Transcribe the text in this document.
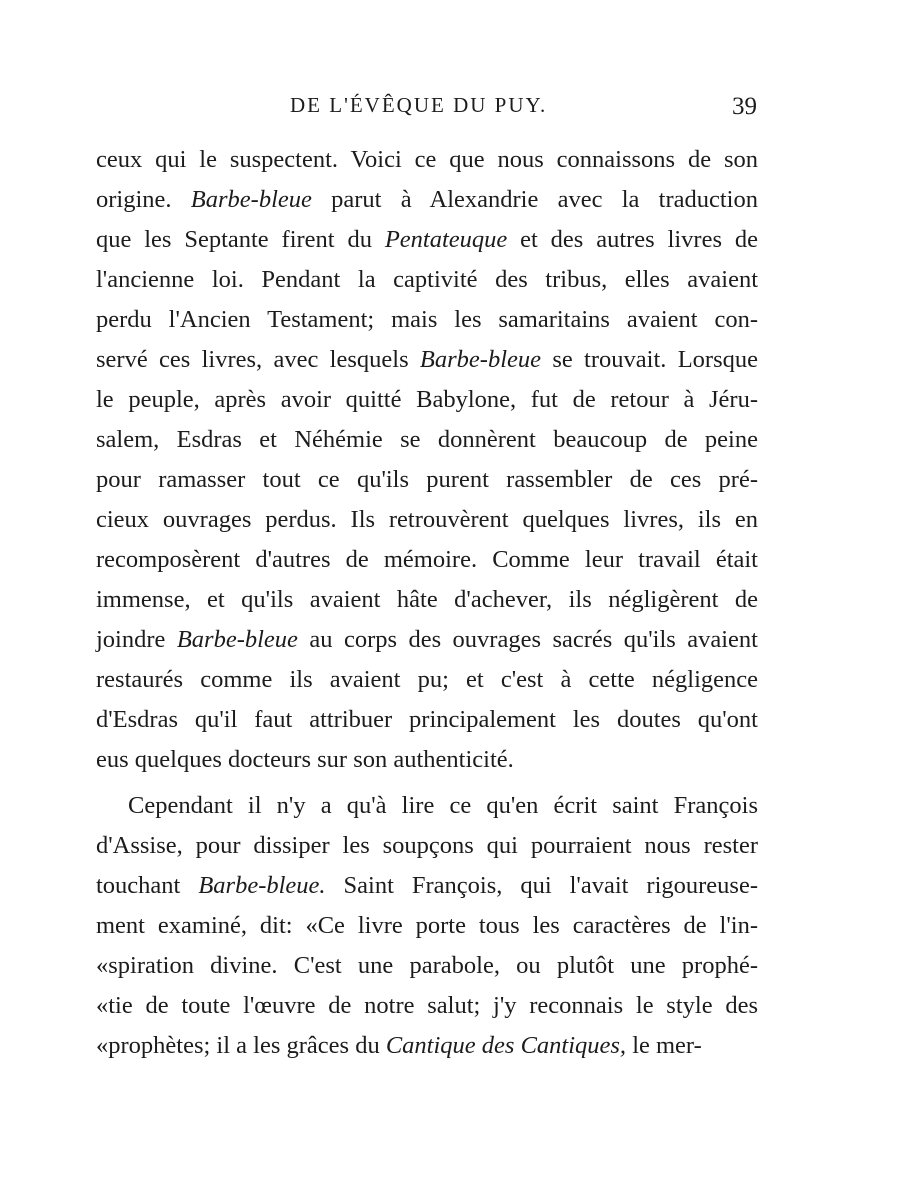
DE L'ÉVÊQUE DU PUY.	39
ceux qui le suspectent. Voici ce que nous connaissons de son
origine. Barbe-bleue parut à Alexandrie avec la traduction
que les Septante firent du Pentateuque et des autres livres de
l'ancienne loi. Pendant la captivité des tribus, elles avaient
perdu l'Ancien Testament; mais les samaritains avaient con-
servé ces livres, avec lesquels Barbe-bleue se trouvait. Lorsque
le peuple, après avoir quitté Babylone, fut de retour à Jéru-
salem, Esdras et Néhémie se donnèrent beaucoup de peine
pour ramasser tout ce qu'ils purent rassembler de ces pré-
cieux ouvrages perdus. Ils retrouvèrent quelques livres, ils en
recomposèrent d'autres de mémoire. Comme leur travail était
immense, et qu'ils avaient hâte d'achever, ils négligèrent de
joindre Barbe-bleue au corps des ouvrages sacrés qu'ils avaient
restaurés comme ils avaient pu; et c'est à cette négligence
d'Esdras qu'il faut attribuer principalement les doutes qu'ont
eus quelques docteurs sur son authenticité.
Cependant il n'y a qu'à lire ce qu'en écrit saint François
d'Assise, pour dissiper les soupçons qui pourraient nous rester
touchant Barbe-bleue. Saint François, qui l'avait rigoureuse-
ment examiné, dit: «Ce livre porte tous les caractères de l'in-
«spiration divine. C'est une parabole, ou plutôt une prophé-
«tie de toute l'œuvre de notre salut; j'y reconnais le style des
«prophètes; il a les grâces du Cantique des Cantiques, le mer-
